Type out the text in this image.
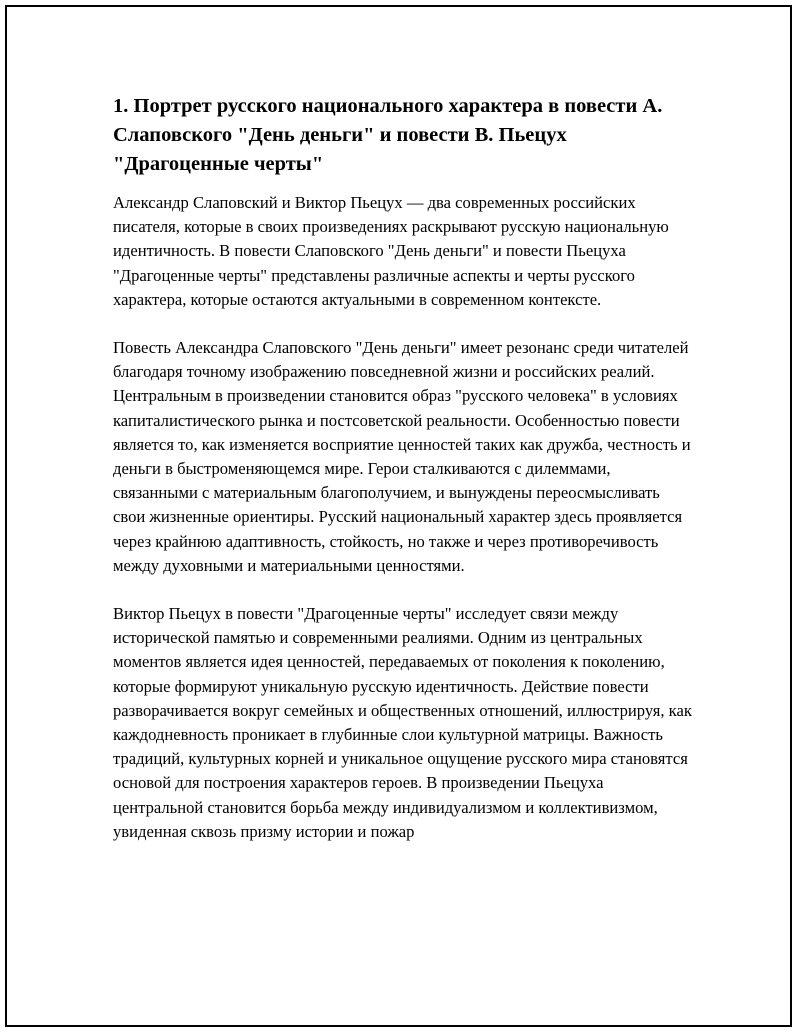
1. Портрет русского национального характера в повести А. Слаповского "День деньги" и повести В. Пьецух "Драгоценные черты"

Александр Слаповский и Виктор Пьецух — два современных российских писателя, которые в своих произведениях раскрывают русскую национальную идентичность. В повести Слаповского "День деньги" и повести Пьецуха "Драгоценные черты" представлены различные аспекты и черты русского характера, которые остаются актуальными в современном контексте.

Повесть Александра Слаповского "День деньги" имеет резонанс среди читателей благодаря точному изображению повседневной жизни и российских реалий. Центральным в произведении становится образ "русского человека" в условиях капиталистического рынка и постсоветской реальности. Особенностью повести является то, как изменяется восприятие ценностей таких как дружба, честность и деньги в быстроменяющемся мире. Герои сталкиваются с дилеммами, связанными с материальным благополучием, и вынуждены переосмысливать свои жизненные ориентиры. Русский национальный характер здесь проявляется через крайнюю адаптивность, стойкость, но также и через противоречивость между духовными и материальными ценностями.

Виктор Пьецух в повести "Драгоценные черты" исследует связи между исторической памятью и современными реалиями. Одним из центральных моментов является идея ценностей, передаваемых от поколения к поколению, которые формируют уникальную русскую идентичность. Действие повести разворачивается вокруг семейных и общественных отношений, иллюстрируя, как каждодневность проникает в глубинные слои культурной матрицы. Важность традиций, культурных корней и уникальное ощущение русского мира становятся основой для построения характеров героев. В произведении Пьецуха центральной становится борьба между индивидуализмом и коллективизмом, увиденная сквозь призму истории и пожар
